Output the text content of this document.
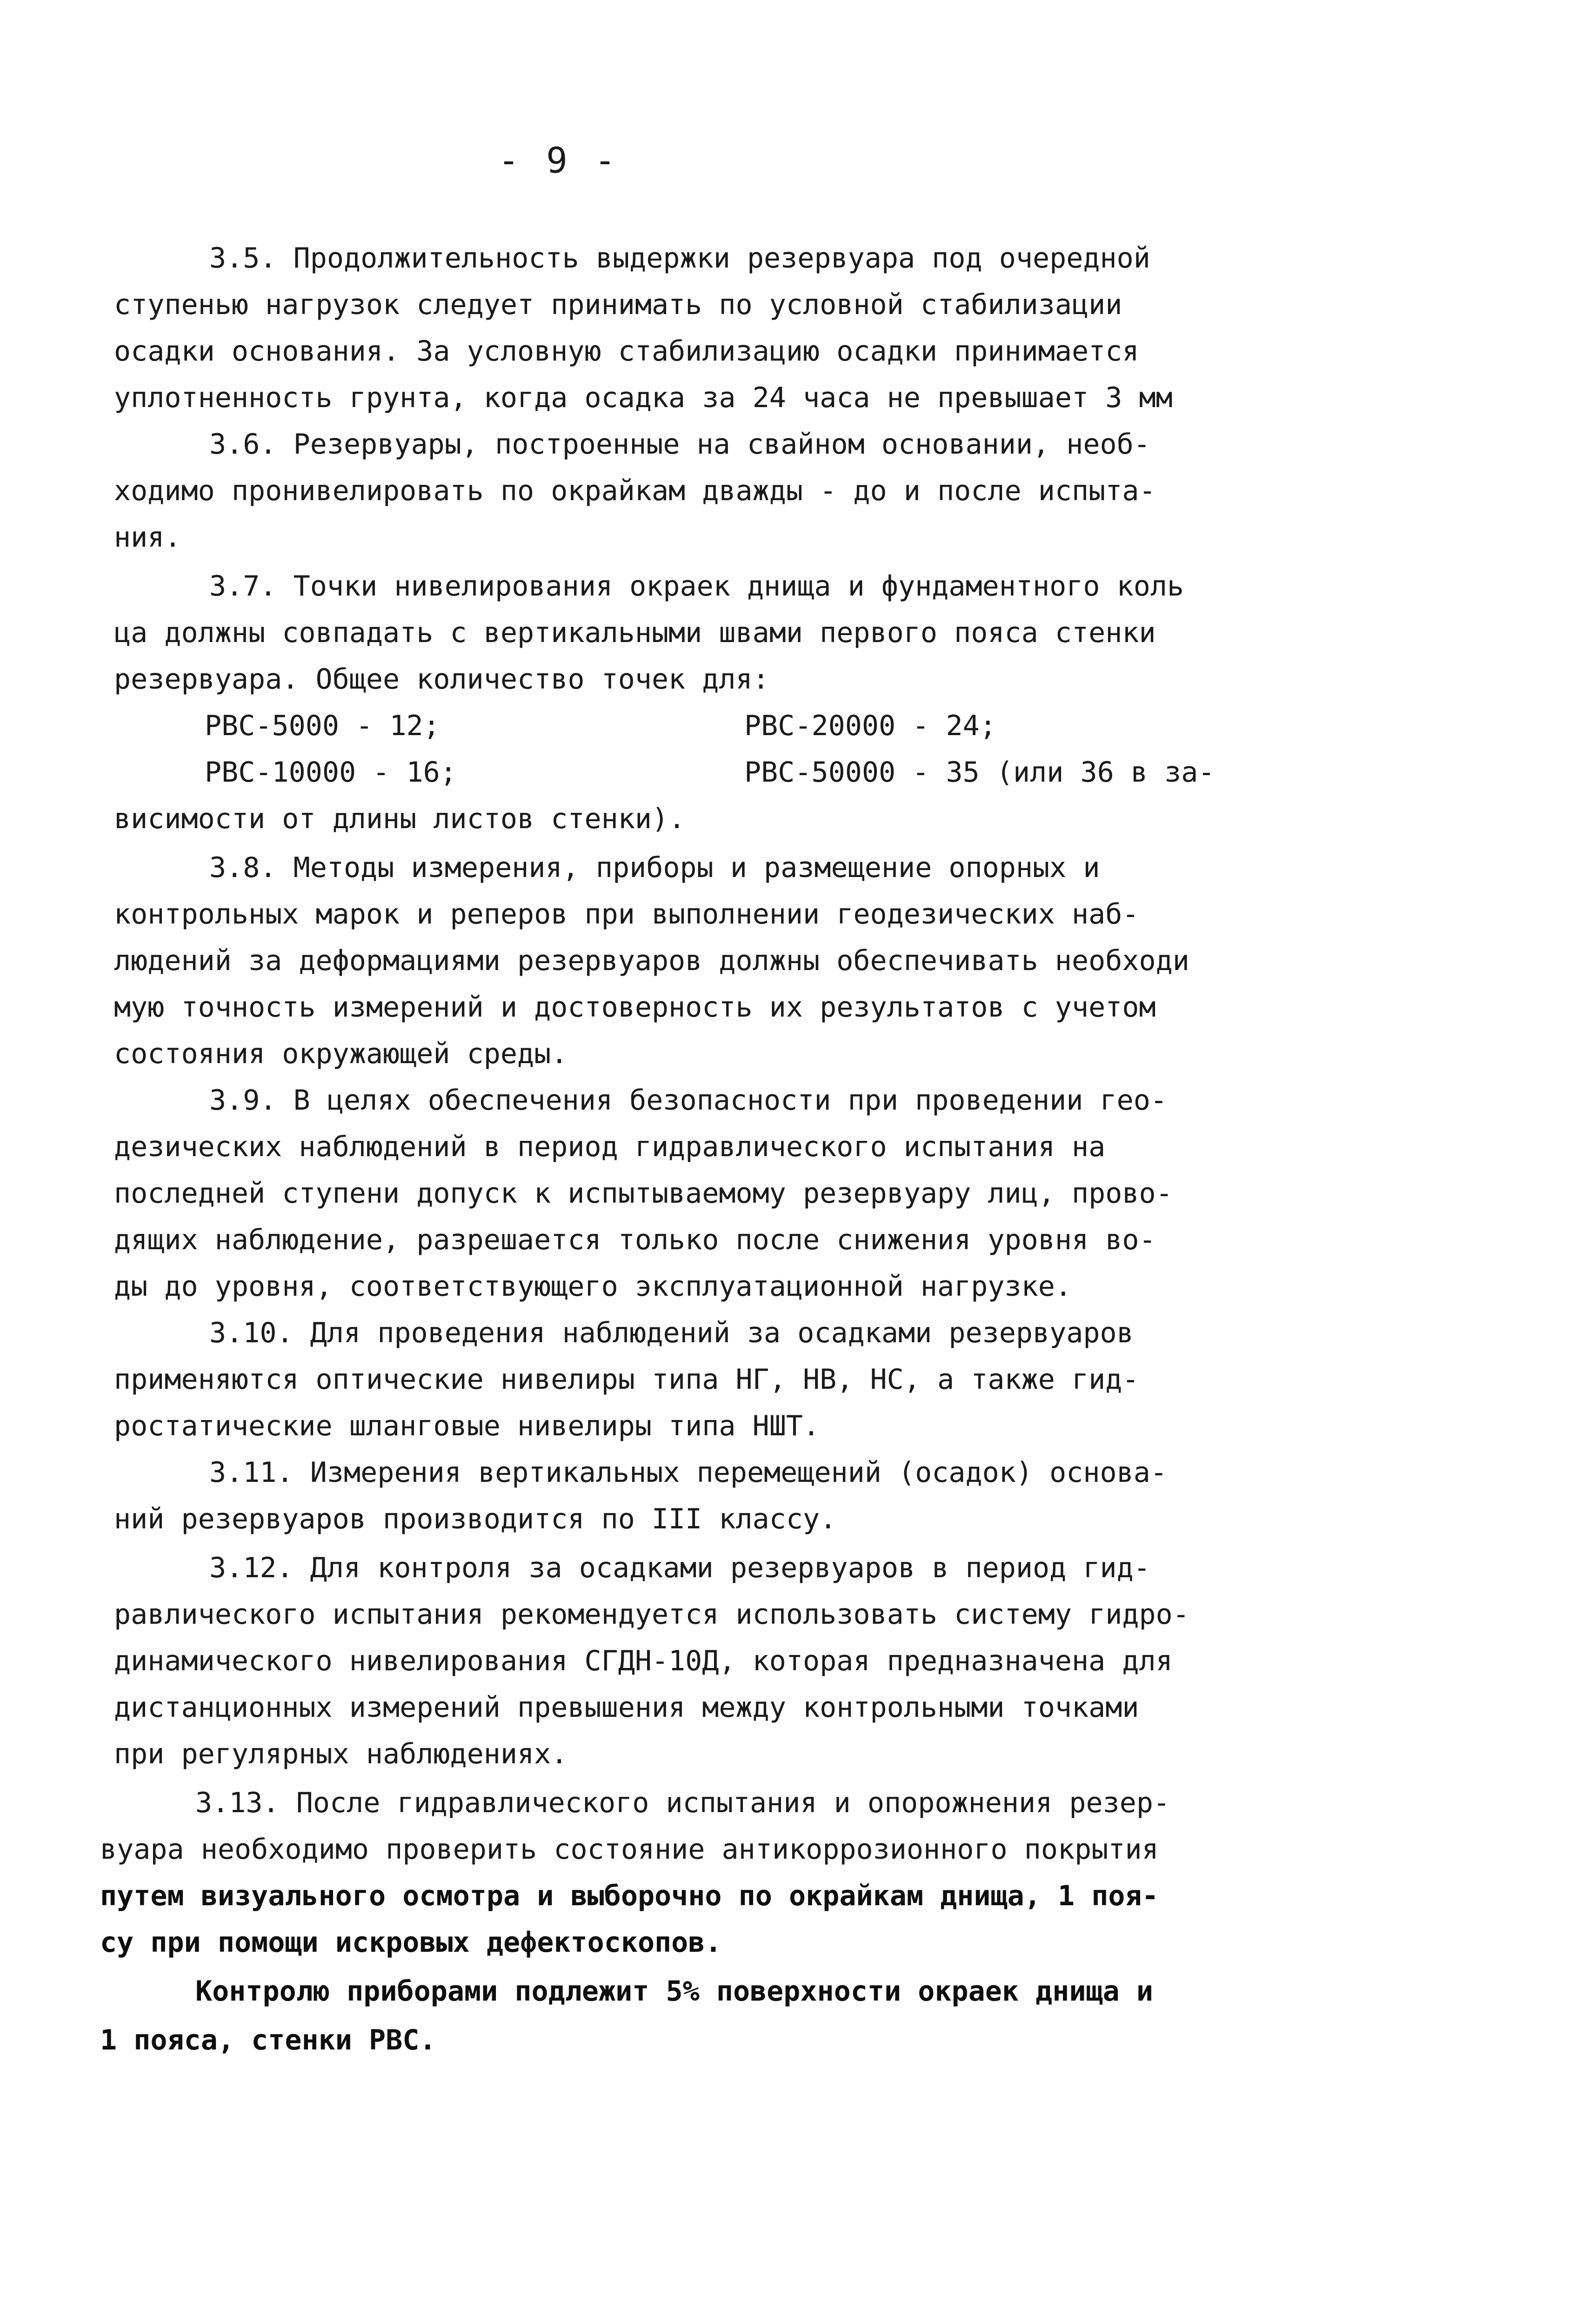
- 9 -
3.5. Продолжительность выдержки резервуара под очередной
ступенью нагрузок следует принимать по условной стабилизации
осадки основания. За условную стабилизацию осадки принимается
уплотненность грунта, когда осадка за 24 часа не превышает 3 мм
3.6. Резервуары, построенные на свайном основании, необ-
ходимо пронивелировать по окрайкам дважды - до и после испыта-
ния.
3.7. Точки нивелирования окраек днища и фундаментного коль
ца должны совпадать с вертикальными швами первого пояса стенки
резервуара. Общее количество точек для:
РВС-5000 - 12;	РВС-20000 - 24;
РВС-10000 - 16;	РВС-50000 - 35 (или 36 в за-
висимости от длины листов стенки).
3.8. Методы измерения, приборы и размещение опорных и
контрольных марок и реперов при выполнении геодезических наб-
людений за деформациями резервуаров должны обеспечивать необходи
мую точность измерений и достоверность их результатов с учетом
состояния окружающей среды.
3.9. В целях обеспечения безопасности при проведении гео-
дезических наблюдений в период гидравлического испытания на
последней ступени допуск к испытываемому резервуару лиц, прово-
дящих наблюдение, разрешается только после снижения уровня во-
ды до уровня, соответствующего эксплуатационной нагрузке.
3.10. Для проведения наблюдений за осадками резервуаров
применяются оптические нивелиры типа НГ, НВ, НС, а также гид-
ростатические шланговые нивелиры типа НШТ.
3.11. Измерения вертикальных перемещений (осадок) основа-
ний резервуаров производится по III классу.
3.12. Для контроля за осадками резервуаров в период гид-
равлического испытания рекомендуется использовать систему гидро-
динамического нивелирования СГДН-10Д, которая предназначена для
дистанционных измерений превышения между контрольными точками
при регулярных наблюдениях.
3.13. После гидравлического испытания и опорожнения резер-
вуара необходимо проверить состояние антикоррозионного покрытия
путем визуального осмотра и выборочно по окрайкам днища, 1 поя-
су при помощи искровых дефектоскопов.
Контролю приборами подлежит 5% поверхности окраек днища и
1 пояса, стенки РВС.
